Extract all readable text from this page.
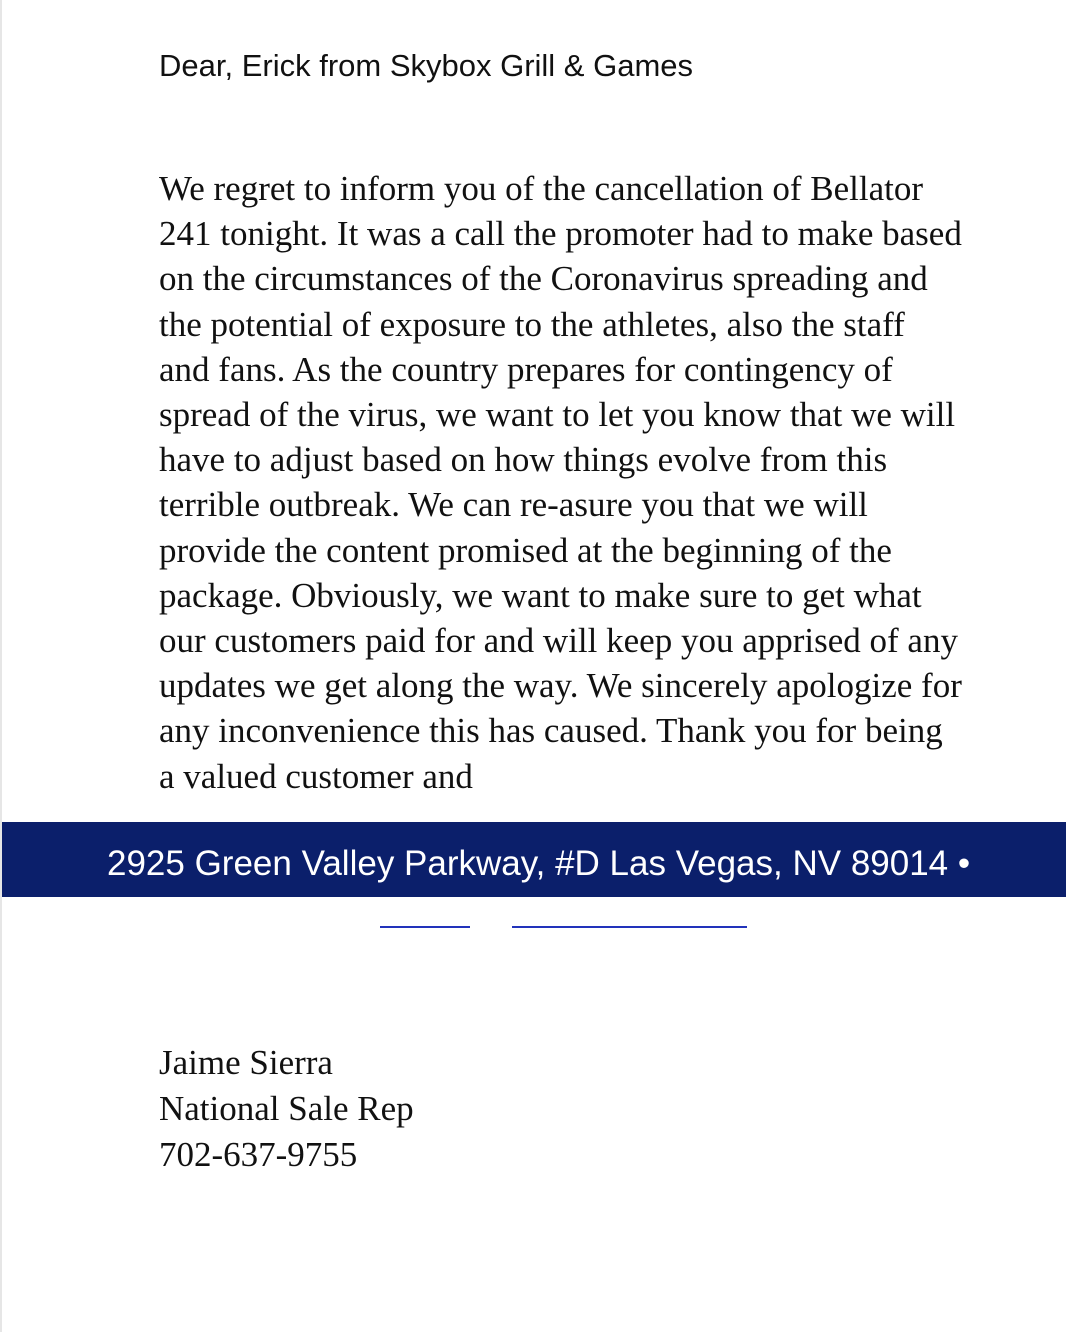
Dear, Erick from Skybox Grill & Games

We regret to inform you of the cancellation of Bellator 241 tonight. It was a call the promoter had to make based on the circumstances of the Coronavirus spreading and the potential of exposure to the athletes, also the staff and fans. As the country prepares for contingency of spread of the virus, we want to let you know that we will have to adjust based on how things evolve from this terrible outbreak. We can re-asure you that we will provide the content promised at the beginning of the package. Obviously, we want to make sure to get what our customers paid for and will keep you apprised of any updates we get along the way. We sincerely apologize for any inconvenience this has caused. Thank you for being a valued customer and

2925 Green Valley Parkway, #D Las Vegas, NV 89014 •
Jaime Sierra
National Sale Rep
702-637-9755
